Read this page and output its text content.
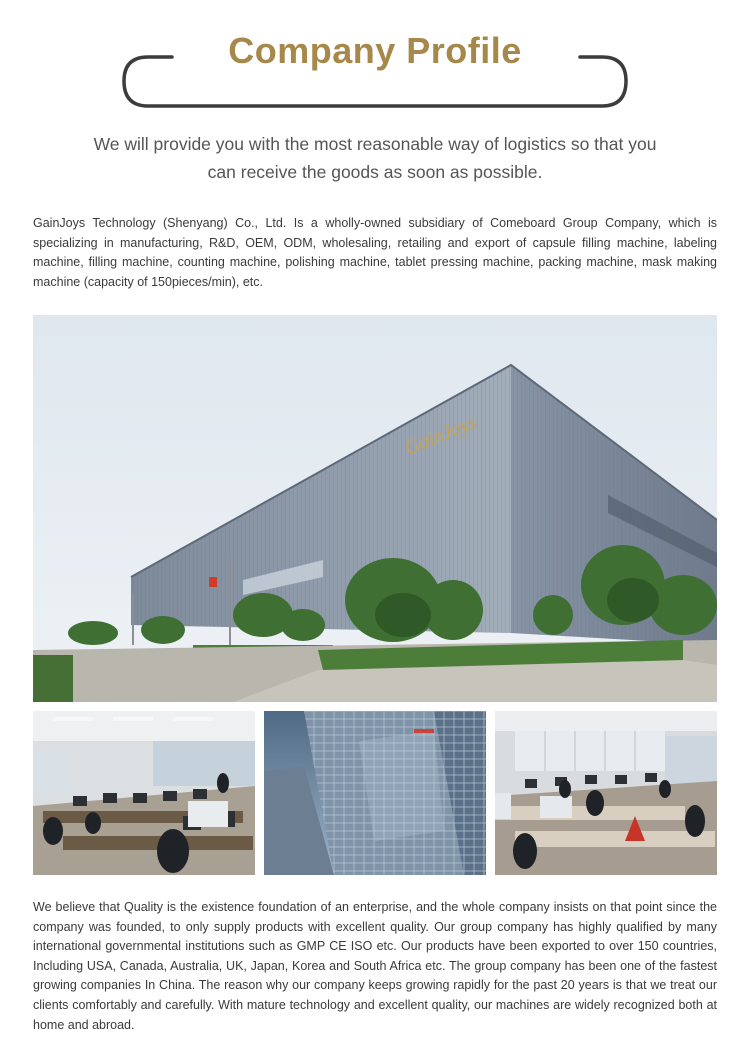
Company Profile
We will provide you with the most reasonable way of logistics so that you
can receive the goods as soon as possible.
GainJoys Technology (Shenyang) Co., Ltd. Is a wholly-owned subsidiary of Comeboard Group Company, which is specializing in manufacturing, R&D, OEM, ODM, wholesaling, retailing and export of capsule filling machine, labeling machine, filling machine, counting machine, polishing machine, tablet pressing machine, packing machine, mask making machine (capacity of 150pieces/min), etc.
GainJoys
We believe that Quality is the existence foundation of an enterprise, and the whole company insists on that point since the company was founded, to only supply products with excellent quality. Our group company has highly qualified by many international governmental institutions such as GMP CE ISO etc. Our products have been exported to over 150 countries, Including USA, Canada, Australia, UK, Japan, Korea and South Africa etc. The group company has been one of the fastest growing companies In China. The reason why our company keeps growing rapidly for the past 20 years is that we treat our clients comfortably and carefully. With mature technology and excellent quality, our machines are widely recognized both at home and abroad.
